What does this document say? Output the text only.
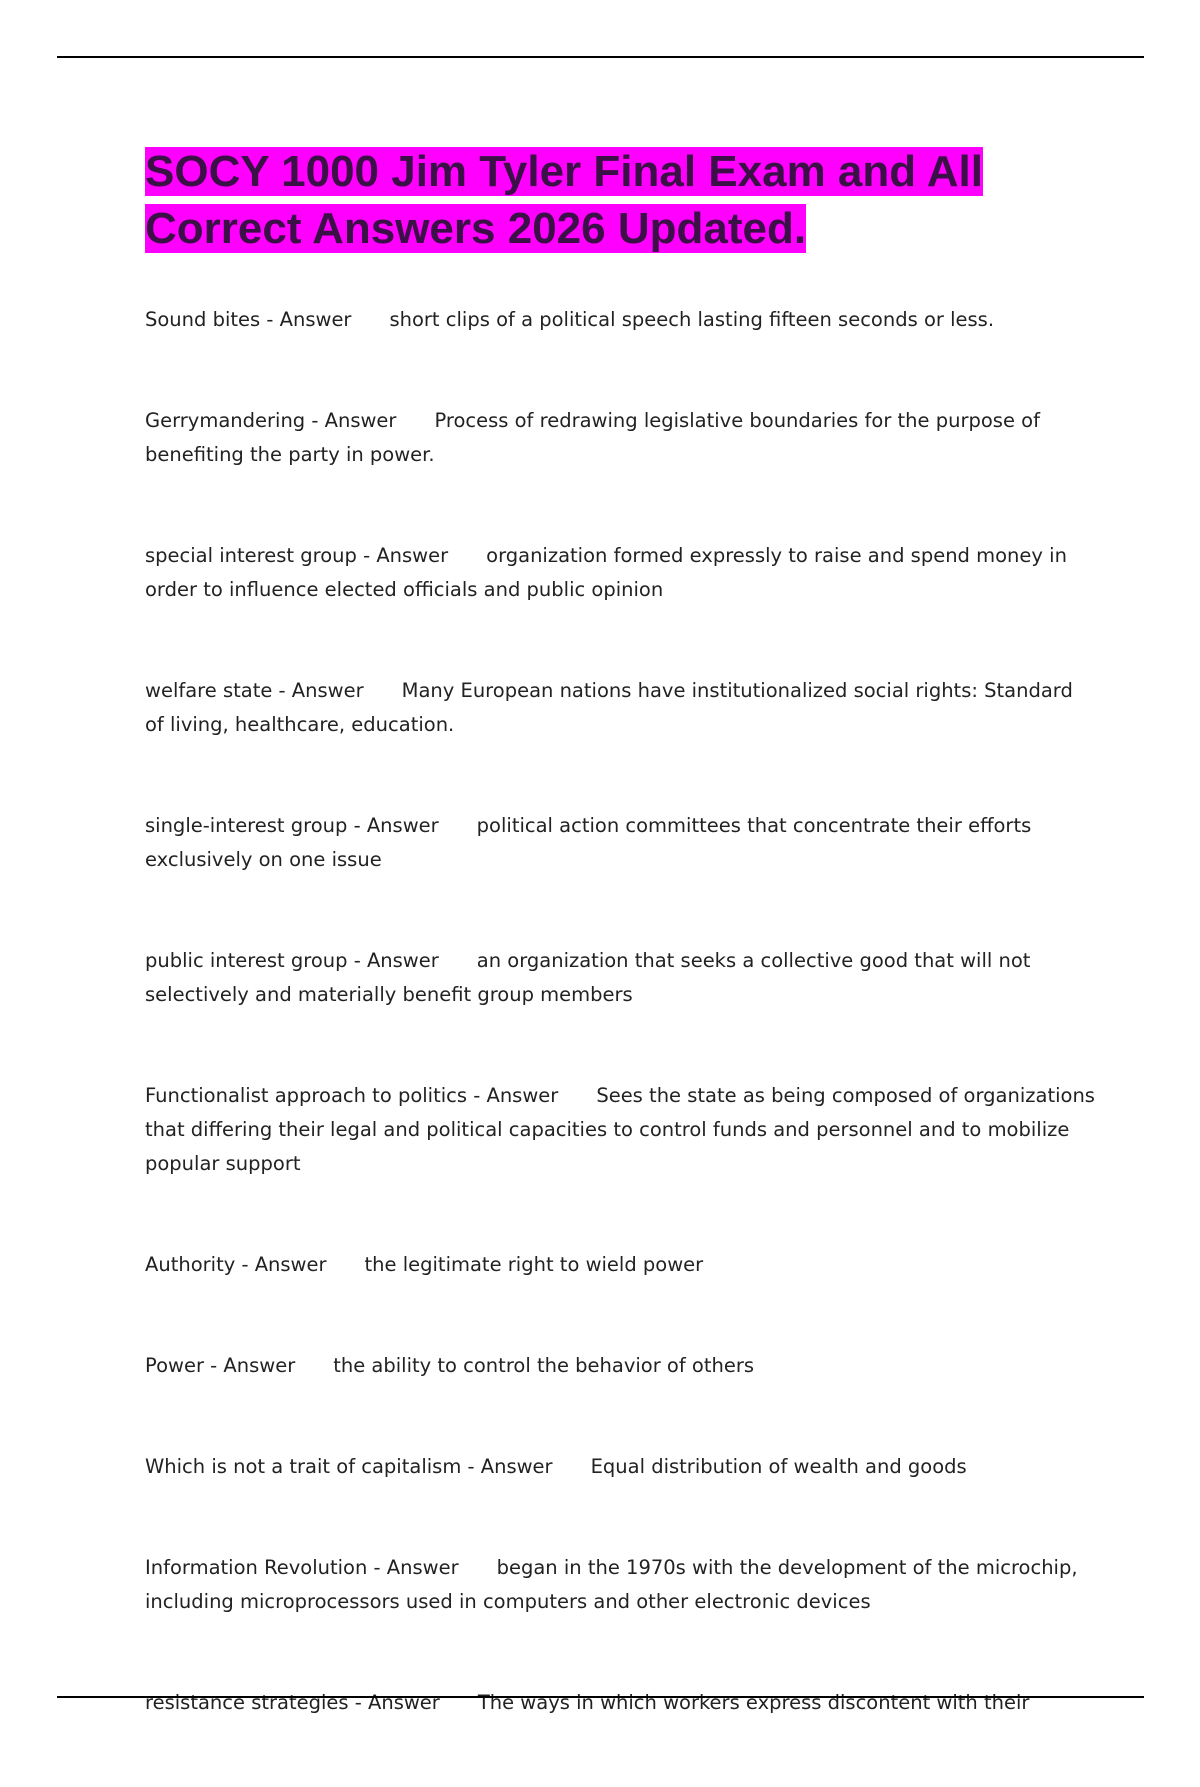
SOCY 1000 Jim Tyler Final Exam and All Correct Answers 2026 Updated.

Sound bites - Answer short clips of a political speech lasting fifteen seconds or less.

Gerrymandering - Answer Process of redrawing legislative boundaries for the purpose of benefiting the party in power.

special interest group - Answer organization formed expressly to raise and spend money in order to influence elected officials and public opinion

welfare state - Answer Many European nations have institutionalized social rights: Standard of living, healthcare, education.

single-interest group - Answer political action committees that concentrate their efforts exclusively on one issue

public interest group - Answer an organization that seeks a collective good that will not selectively and materially benefit group members

Functionalist approach to politics - Answer Sees the state as being composed of organizations that differing their legal and political capacities to control funds and personnel and to mobilize popular support

Authority - Answer the legitimate right to wield power

Power - Answer the ability to control the behavior of others

Which is not a trait of capitalism - Answer Equal distribution of wealth and goods

Information Revolution - Answer began in the 1970s with the development of the microchip, including microprocessors used in computers and other electronic devices

resistance strategies - Answer The ways in which workers express discontent with their
